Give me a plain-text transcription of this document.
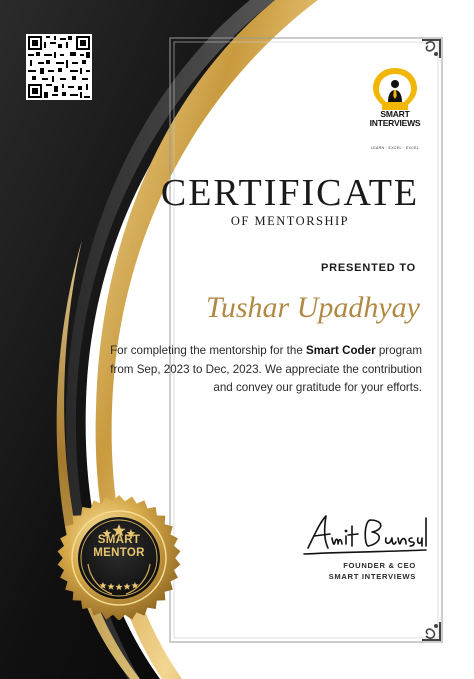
SMART
INTERVIEWS
LEARN · EXCEL · EXCEL
CERTIFICATE
OF MENTORSHIP
PRESENTED TO
Tushar Upadhyay
For completing the mentorship for the Smart Coder program from Sep, 2023 to Dec, 2023. We appreciate the contribution and convey our gratitude for your efforts.
FOUNDER & CEO
SMART INTERVIEWS
SMART
MENTOR
